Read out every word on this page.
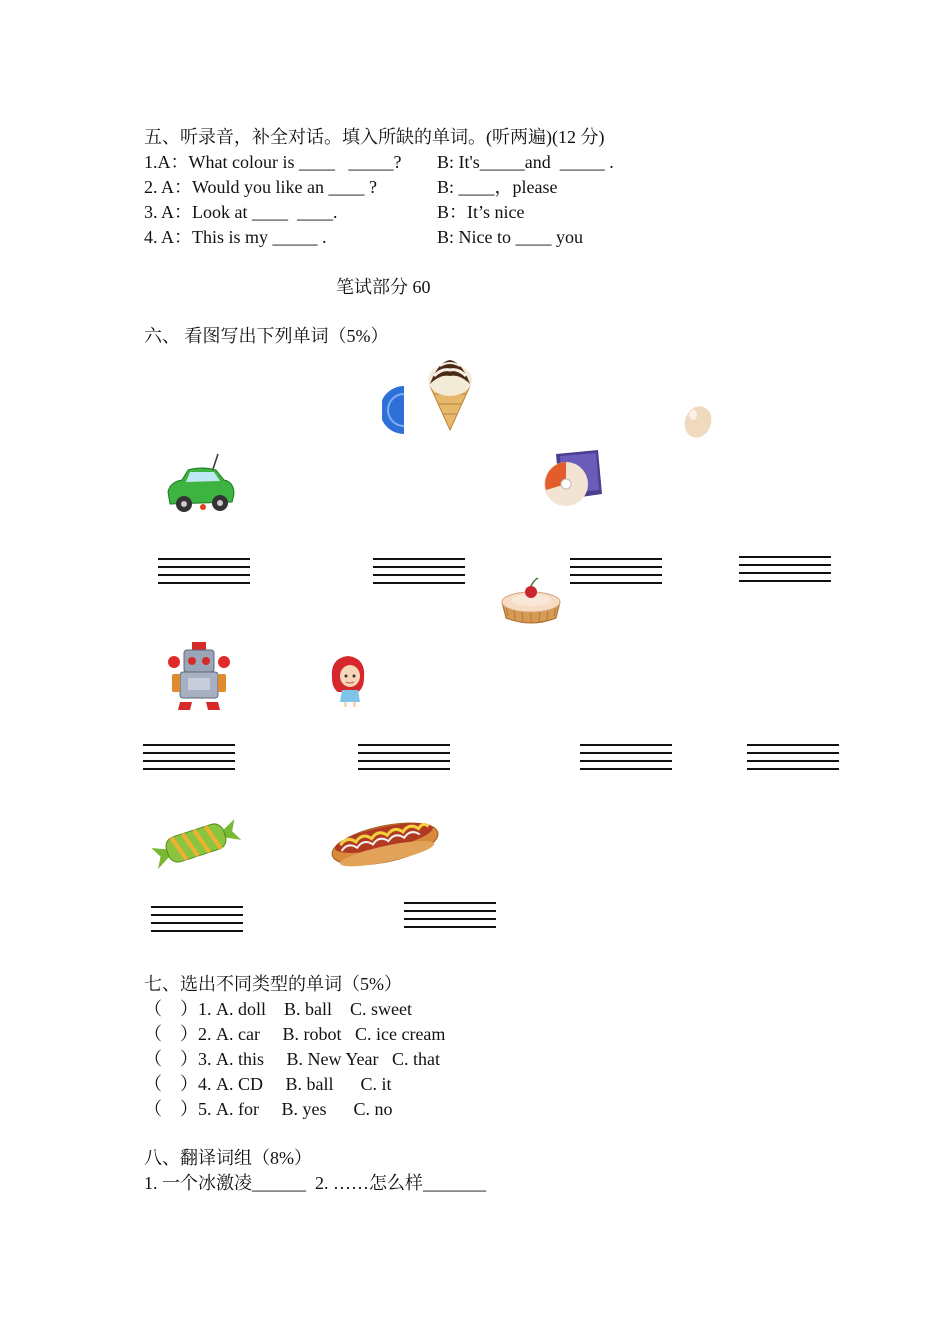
五、听录音，补全对话。填入所缺的单词。(听两遍)(12 分)
1.A：What colour is ____   _____? B: It's_____and  _____ .
2. A：Would you like an ____ ?	B: ____，please
3. A：Look at ____  ____.	B：It’s nice
4. A：This is my _____ .	B: Nice to ____ you
笔试部分 60
六、 看图写出下列单词（5%）
七、选出不同类型的单词（5%）
（　）1. A. doll    B. ball    C. sweet
（　）2. A. car     B. robot   C. ice cream
（　）3. A. this     B. New Year   C. that
（　）4. A. CD     B. ball      C. it
（　）5. A. for     B. yes      C. no
八、翻译词组（8%）
1. 一个冰激凌______  2. ……怎么样_______
